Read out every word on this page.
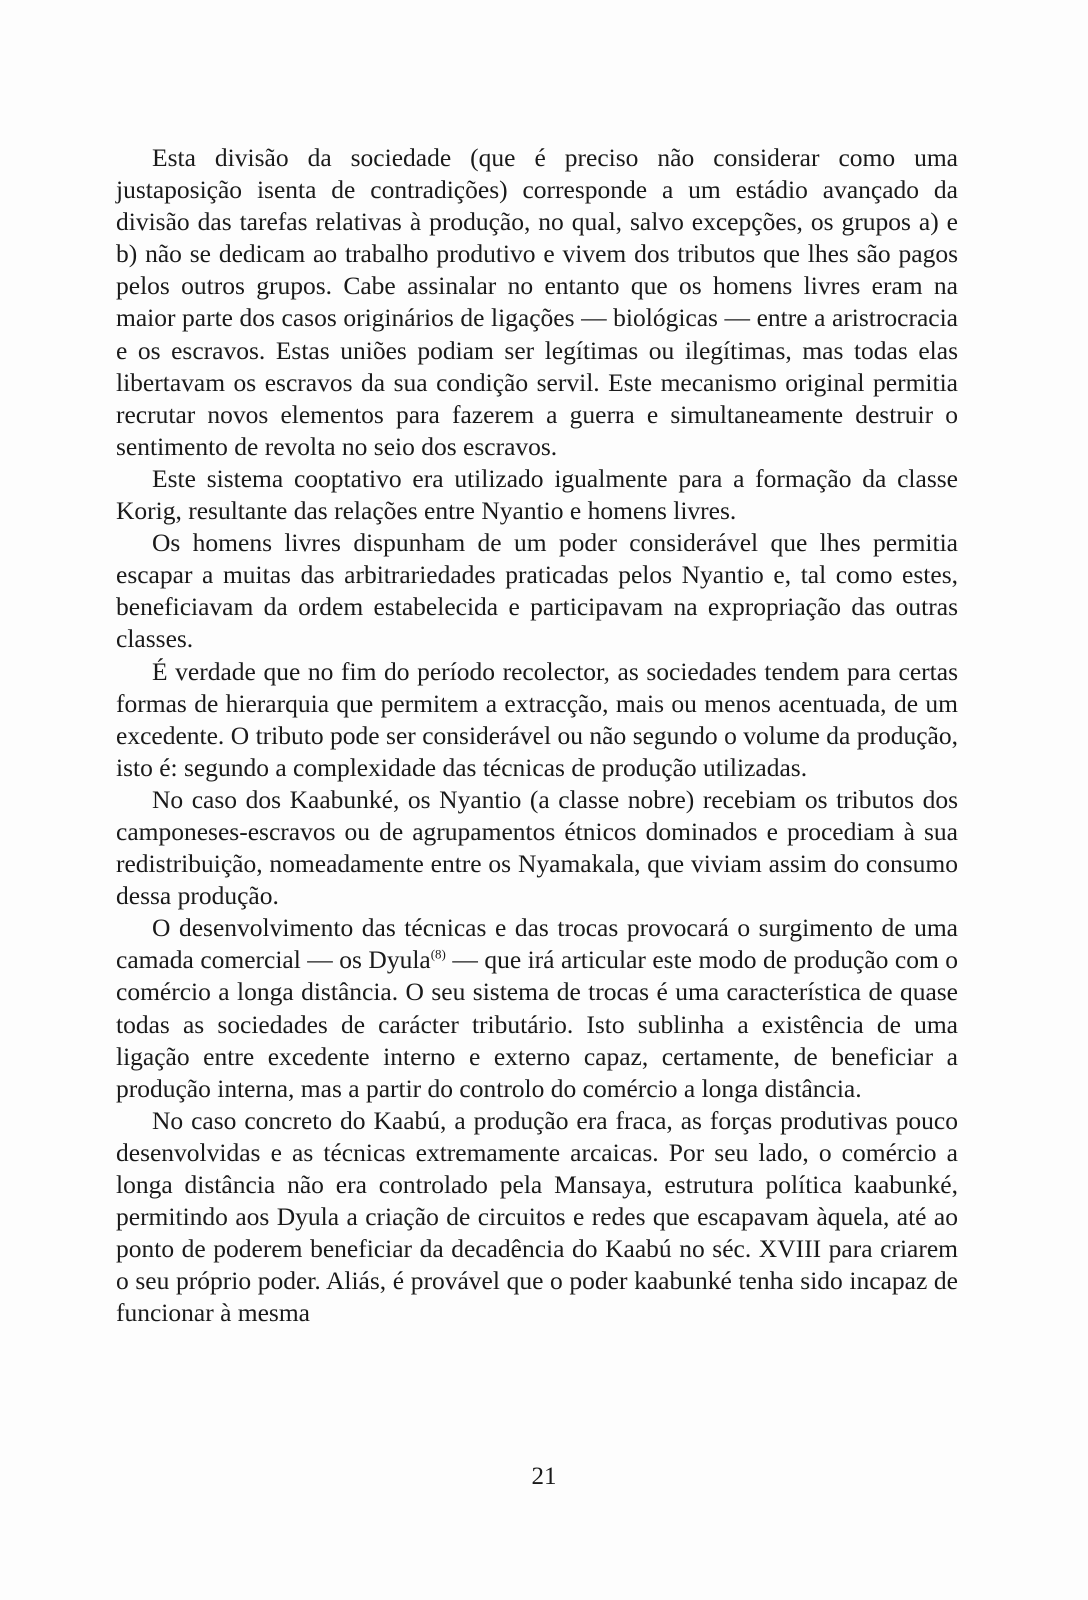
Esta divisão da sociedade (que é preciso não considerar como uma justaposição isenta de contradições) corresponde a um estádio avançado da divisão das tarefas relativas à produção, no qual, salvo excepções, os grupos a) e b) não se dedicam ao trabalho produtivo e vivem dos tributos que lhes são pagos pelos outros grupos. Cabe assinalar no entanto que os homens livres eram na maior parte dos casos originários de ligações — biológicas — entre a aristrocracia e os escravos. Estas uniões podiam ser legítimas ou ilegítimas, mas todas elas libertavam os escravos da sua condição servil. Este mecanismo original permitia recrutar novos elementos para fazerem a guerra e simultaneamente destruir o sentimento de revolta no seio dos escravos.

Este sistema cooptativo era utilizado igualmente para a formação da classe Korig, resultante das relações entre Nyantio e homens livres.

Os homens livres dispunham de um poder considerável que lhes permitia escapar a muitas das arbitrariedades praticadas pelos Nyantio e, tal como estes, beneficiavam da ordem estabelecida e participavam na expropriação das outras classes.

É verdade que no fim do período recolector, as sociedades tendem para certas formas de hierarquia que permitem a extracção, mais ou menos acentuada, de um excedente. O tributo pode ser considerável ou não segundo o volume da produção, isto é: segundo a complexidade das técnicas de produção utilizadas.

No caso dos Kaabunké, os Nyantio (a classe nobre) recebiam os tributos dos camponeses-escravos ou de agrupamentos étnicos dominados e procediam à sua redistribuição, nomeadamente entre os Nyamakala, que viviam assim do consumo dessa produção.

O desenvolvimento das técnicas e das trocas provocará o surgimento de uma camada comercial — os Dyula$^{(8)}$ — que irá articular este modo de produção com o comércio a longa distância. O seu sistema de trocas é uma característica de quase todas as sociedades de carácter tributário. Isto sublinha a existência de uma ligação entre excedente interno e externo capaz, certamente, de beneficiar a produção interna, mas a partir do controlo do comércio a longa distância.

No caso concreto do Kaabú, a produção era fraca, as forças produtivas pouco desenvolvidas e as técnicas extremamente arcaicas. Por seu lado, o comércio a longa distância não era controlado pela Mansaya, estrutura política kaabunké, permitindo aos Dyula a criação de circuitos e redes que escapavam àquela, até ao ponto de poderem beneficiar da decadência do Kaabú no séc. XVIII para criarem o seu próprio poder. Aliás, é provável que o poder kaabunké tenha sido incapaz de funcionar à mesma

21
